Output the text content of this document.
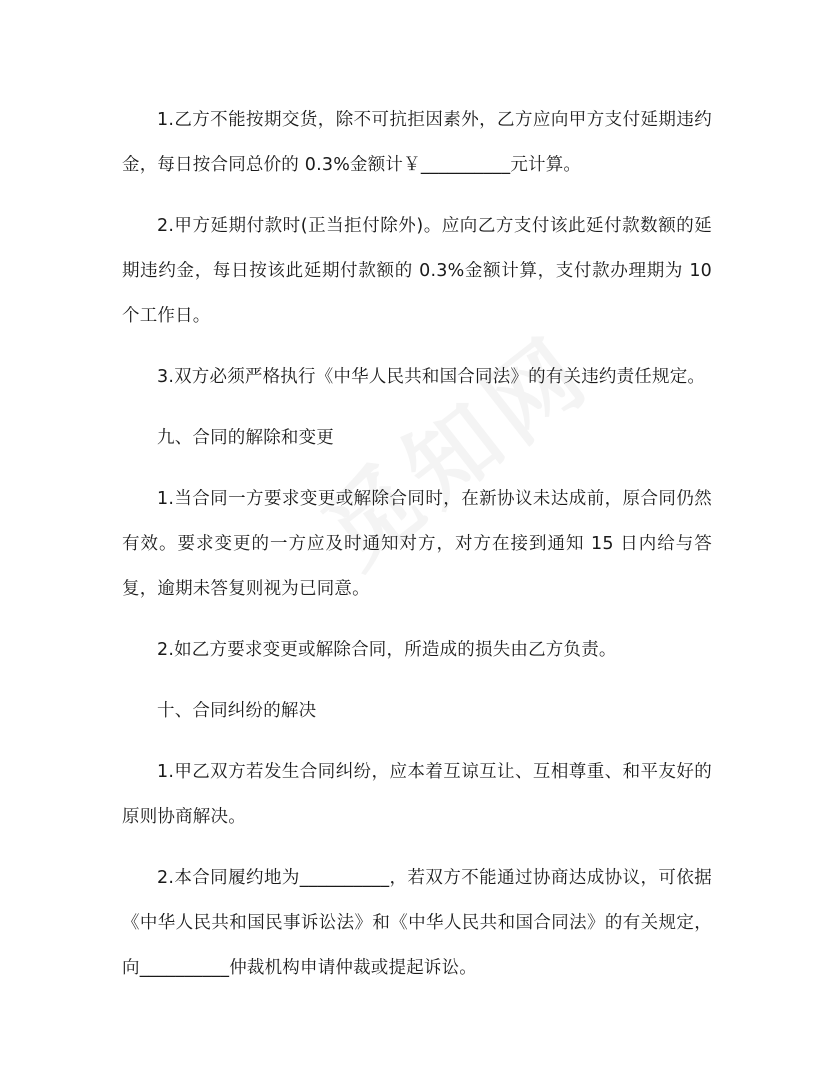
1.乙方不能按期交货，除不可抗拒因素外，乙方应向甲方支付延期违约金，每日按合同总价的 0.3%金额计￥__________元计算。

2.甲方延期付款时(正当拒付除外)。应向乙方支付该此延付款数额的延期违约金，每日按该此延期付款额的 0.3%金额计算，支付款办理期为 10 个工作日。

3.双方必须严格执行《中华人民共和国合同法》的有关违约责任规定。

九、合同的解除和变更

1.当合同一方要求变更或解除合同时，在新协议未达成前，原合同仍然有效。要求变更的一方应及时通知对方，对方在接到通知 15 日内给与答复，逾期未答复则视为已同意。

2.如乙方要求变更或解除合同，所造成的损失由乙方负责。

十、合同纠纷的解决

1.甲乙双方若发生合同纠纷，应本着互谅互让、互相尊重、和平友好的原则协商解决。

2.本合同履约地为__________，若双方不能通过协商达成协议，可依据《中华人民共和国民事诉讼法》和《中华人民共和国合同法》的有关规定，向__________仲裁机构申请仲裁或提起诉讼。
